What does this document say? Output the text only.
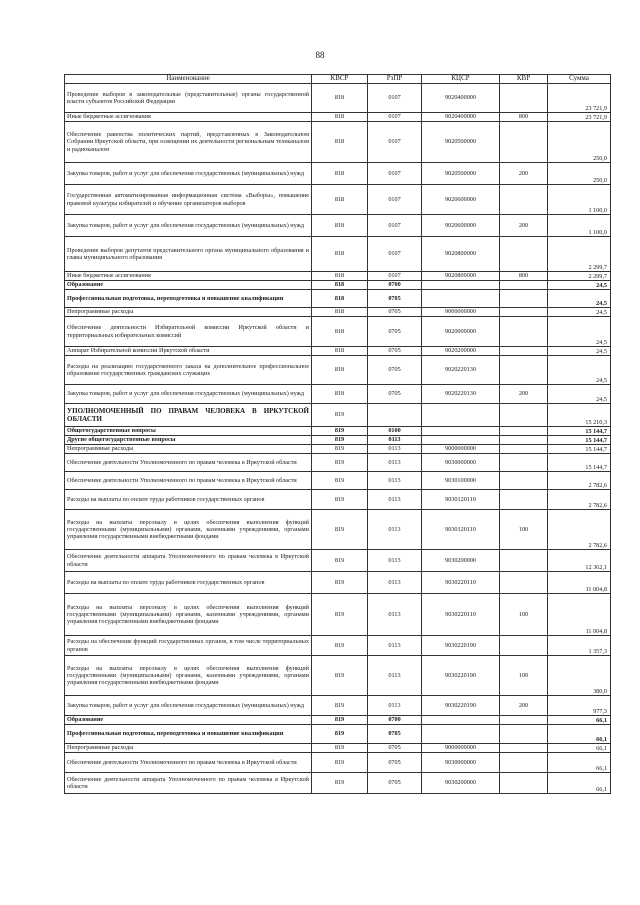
88
Наименование	КВСР	РзПР	КЦСР	КВР	Сумма
Проведение выборов в законодательные (представительные) органы государственной власти субъектов Российской Федерации	818	0107	9020400000		23 721,9
Иные бюджетные ассигнования	818	0107	9020400000	800	23 721,9
Обеспечение равенства политических партий, представленных в Законодательном Собрании Иркутской области, при освещении их деятельности региональным телеканалом и радиоканалом	818	0107	9020500000		250,0
Закупка товаров, работ и услуг для обеспечения государственных (муниципальных) нужд	818	0107	9020500000	200	250,0
Государственная автоматизированная информационная система «Выборы», повышение правовой культуры избирателей и обучение организаторов выборов	818	0107	9020600000		1 100,0
Закупка товаров, работ и услуг для обеспечения государственных (муниципальных) нужд	818	0107	9020600000	200	1 100,0
Проведение выборов депутатов представительного органа муниципального образования и главы муниципального образования	818	0107	9020800000		2 299,7
Иные бюджетные ассигнования	818	0107	9020800000	800	2 299,7
Образование	818	0700			24,5
Профессиональная подготовка, переподготовка и повышение квалификации	818	0705			24,5
Непрограммные расходы	818	0705	9000000000		24,5
Обеспечение деятельности Избирательной комиссии Иркутской области и территориальных избирательных комиссий	818	0705	9020000000		24,5
Аппарат Избирательной комиссии Иркутской области	818	0705	9020200000		24,5
Расходы на реализацию государственного заказа на дополнительное профессиональное образование государственных гражданских служащих	818	0705	9020220130		24,5
Закупка товаров, работ и услуг для обеспечения государственных (муниципальных) нужд	818	0705	9020220130	200	24,5
УПОЛНОМОЧЕННЫЙ ПО ПРАВАМ ЧЕЛОВЕКА В ИРКУТСКОЙ ОБЛАСТИ	819				15 210,3
Общегосударственные вопросы	819	0100			15 144,7
Другие общегосударственные вопросы	819	0113			15 144,7
Непрограммные расходы	819	0113	9000000000		15 144,7
Обеспечение деятельности Уполномоченного по правам человека в Иркутской области	819	0113	9030000000		15 144,7
Обеспечение деятельности Уполномоченного по правам человека в Иркутской области	819	0113	9030100000		2 782,6
Расходы на выплаты по оплате труда работников государственных органов	819	0113	9030120110		2 782,6
Расходы на выплаты персоналу в целях обеспечения выполнения функций государственными (муниципальными) органами, казенными учреждениями, органами управления государственными внебюджетными фондами	819	0113	9030120110	100	2 782,6
Обеспечение деятельности аппарата Уполномоченного по правам человека в Иркутской области	819	0113	9030200000		12 362,1
Расходы на выплаты по оплате труда работников государственных органов	819	0113	9030220110		11 004,8
Расходы на выплаты персоналу в целях обеспечения выполнения функций государственными (муниципальными) органами, казенными учреждениями, органами управления государственными внебюджетными фондами	819	0113	9030220110	100	11 004,8
Расходы на обеспечение функций государственных органов, в том числе территориальных органов	819	0113	9030220190		1 357,3
Расходы на выплаты персоналу в целях обеспечения выполнения функций государственными (муниципальными) органами, казенными учреждениями, органами управления государственными внебюджетными фондами	819	0113	9030220190	100	380,0
Закупка товаров, работ и услуг для обеспечения государственных (муниципальных) нужд	819	0113	9030220190	200	977,3
Образование	819	0700			66,1
Профессиональная подготовка, переподготовка и повышение квалификации	819	0705			66,1
Непрограммные расходы	819	0705	9000000000		66,1
Обеспечение деятельности Уполномоченного по правам человека в Иркутской области	819	0705	9030000000		66,1
Обеспечение деятельности аппарата Уполномоченного по правам человека в Иркутской области	819	0705	9030200000		66,1
